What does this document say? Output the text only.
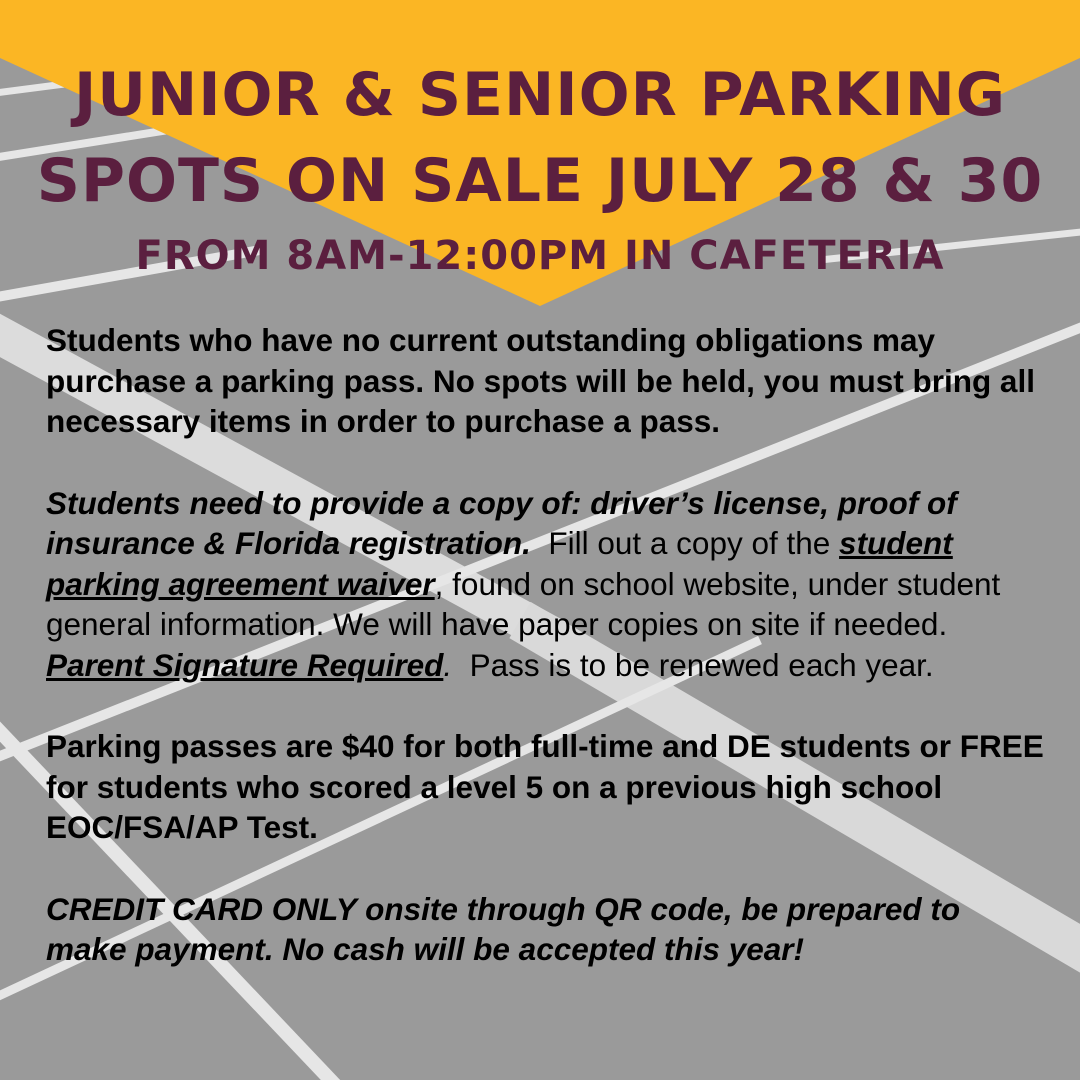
JUNIOR & SENIOR PARKING
SPOTS ON SALE JULY 28 & 30
FROM 8AM-12:00PM IN CAFETERIA

Students who have no current outstanding obligations may purchase a parking pass. No spots will be held, you must bring all necessary items in order to purchase a pass.

Students need to provide a copy of: driver’s license, proof of insurance & Florida registration. Fill out a copy of the student parking agreement waiver, found on school website, under student general information. We will have paper copies on site if needed. Parent Signature Required. Pass is to be renewed each year.

Parking passes are $40 for both full-time and DE students or FREE for students who scored a level 5 on a previous high school EOC/FSA/AP Test.

CREDIT CARD ONLY onsite through QR code, be prepared to make payment. No cash will be accepted this year!
